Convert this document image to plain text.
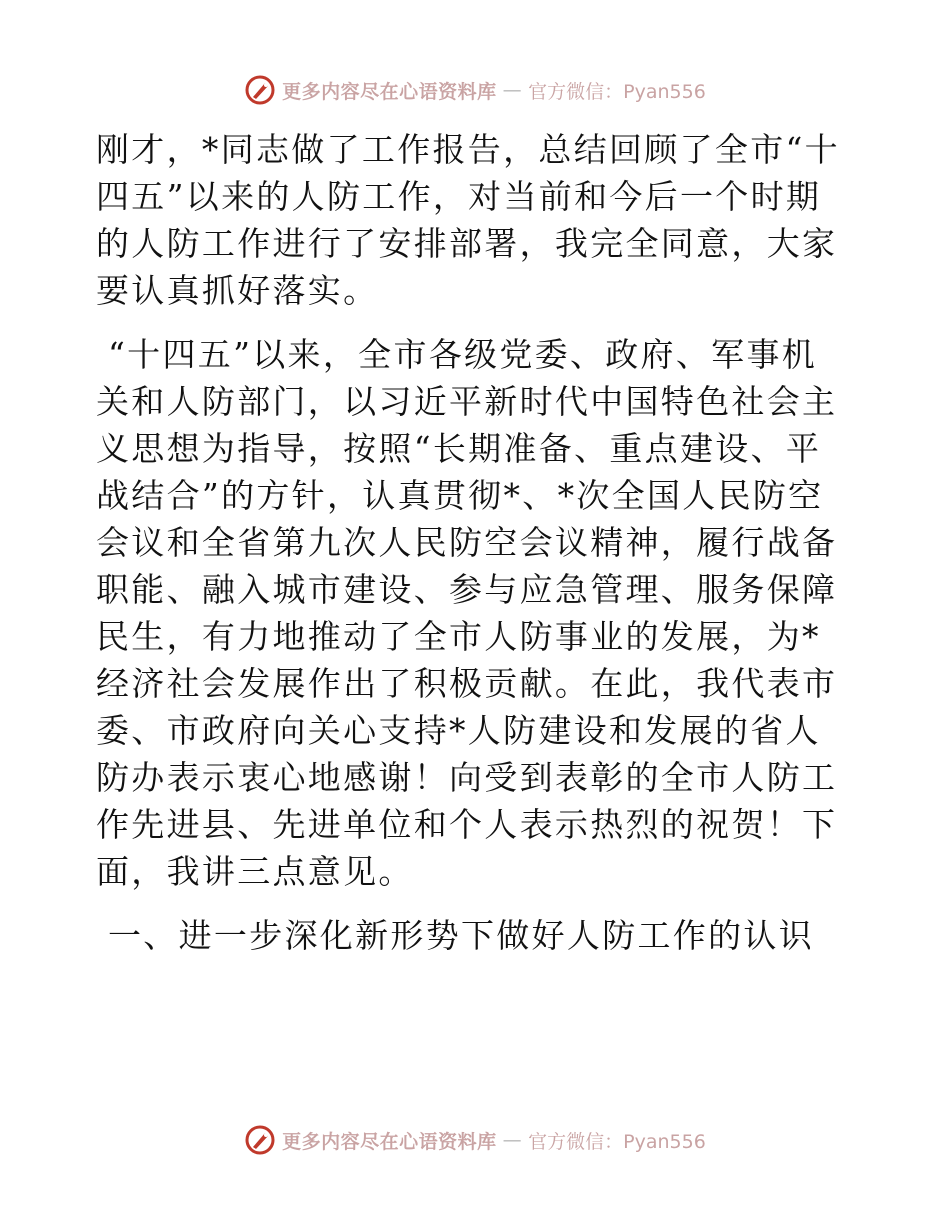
更多内容尽在心语资料库 — 官方微信：Pyan556

刚才，*同志做了工作报告，总结回顾了全市“十四五”以来的人防工作，对当前和今后一个时期的人防工作进行了安排部署，我完全同意，大家要认真抓好落实。

“十四五”以来，全市各级党委、政府、军事机关和人防部门，以习近平新时代中国特色社会主义思想为指导，按照“长期准备、重点建设、平战结合”的方针，认真贯彻*、*次全国人民防空会议和全省第九次人民防空会议精神，履行战备职能、融入城市建设、参与应急管理、服务保障民生，有力地推动了全市人防事业的发展，为*经济社会发展作出了积极贡献。在此，我代表市委、市政府向关心支持*人防建设和发展的省人防办表示衷心地感谢！向受到表彰的全市人防工作先进县、先进单位和个人表示热烈的祝贺！下面，我讲三点意见。

一、进一步深化新形势下做好人防工作的认识

更多内容尽在心语资料库 — 官方微信：Pyan556
